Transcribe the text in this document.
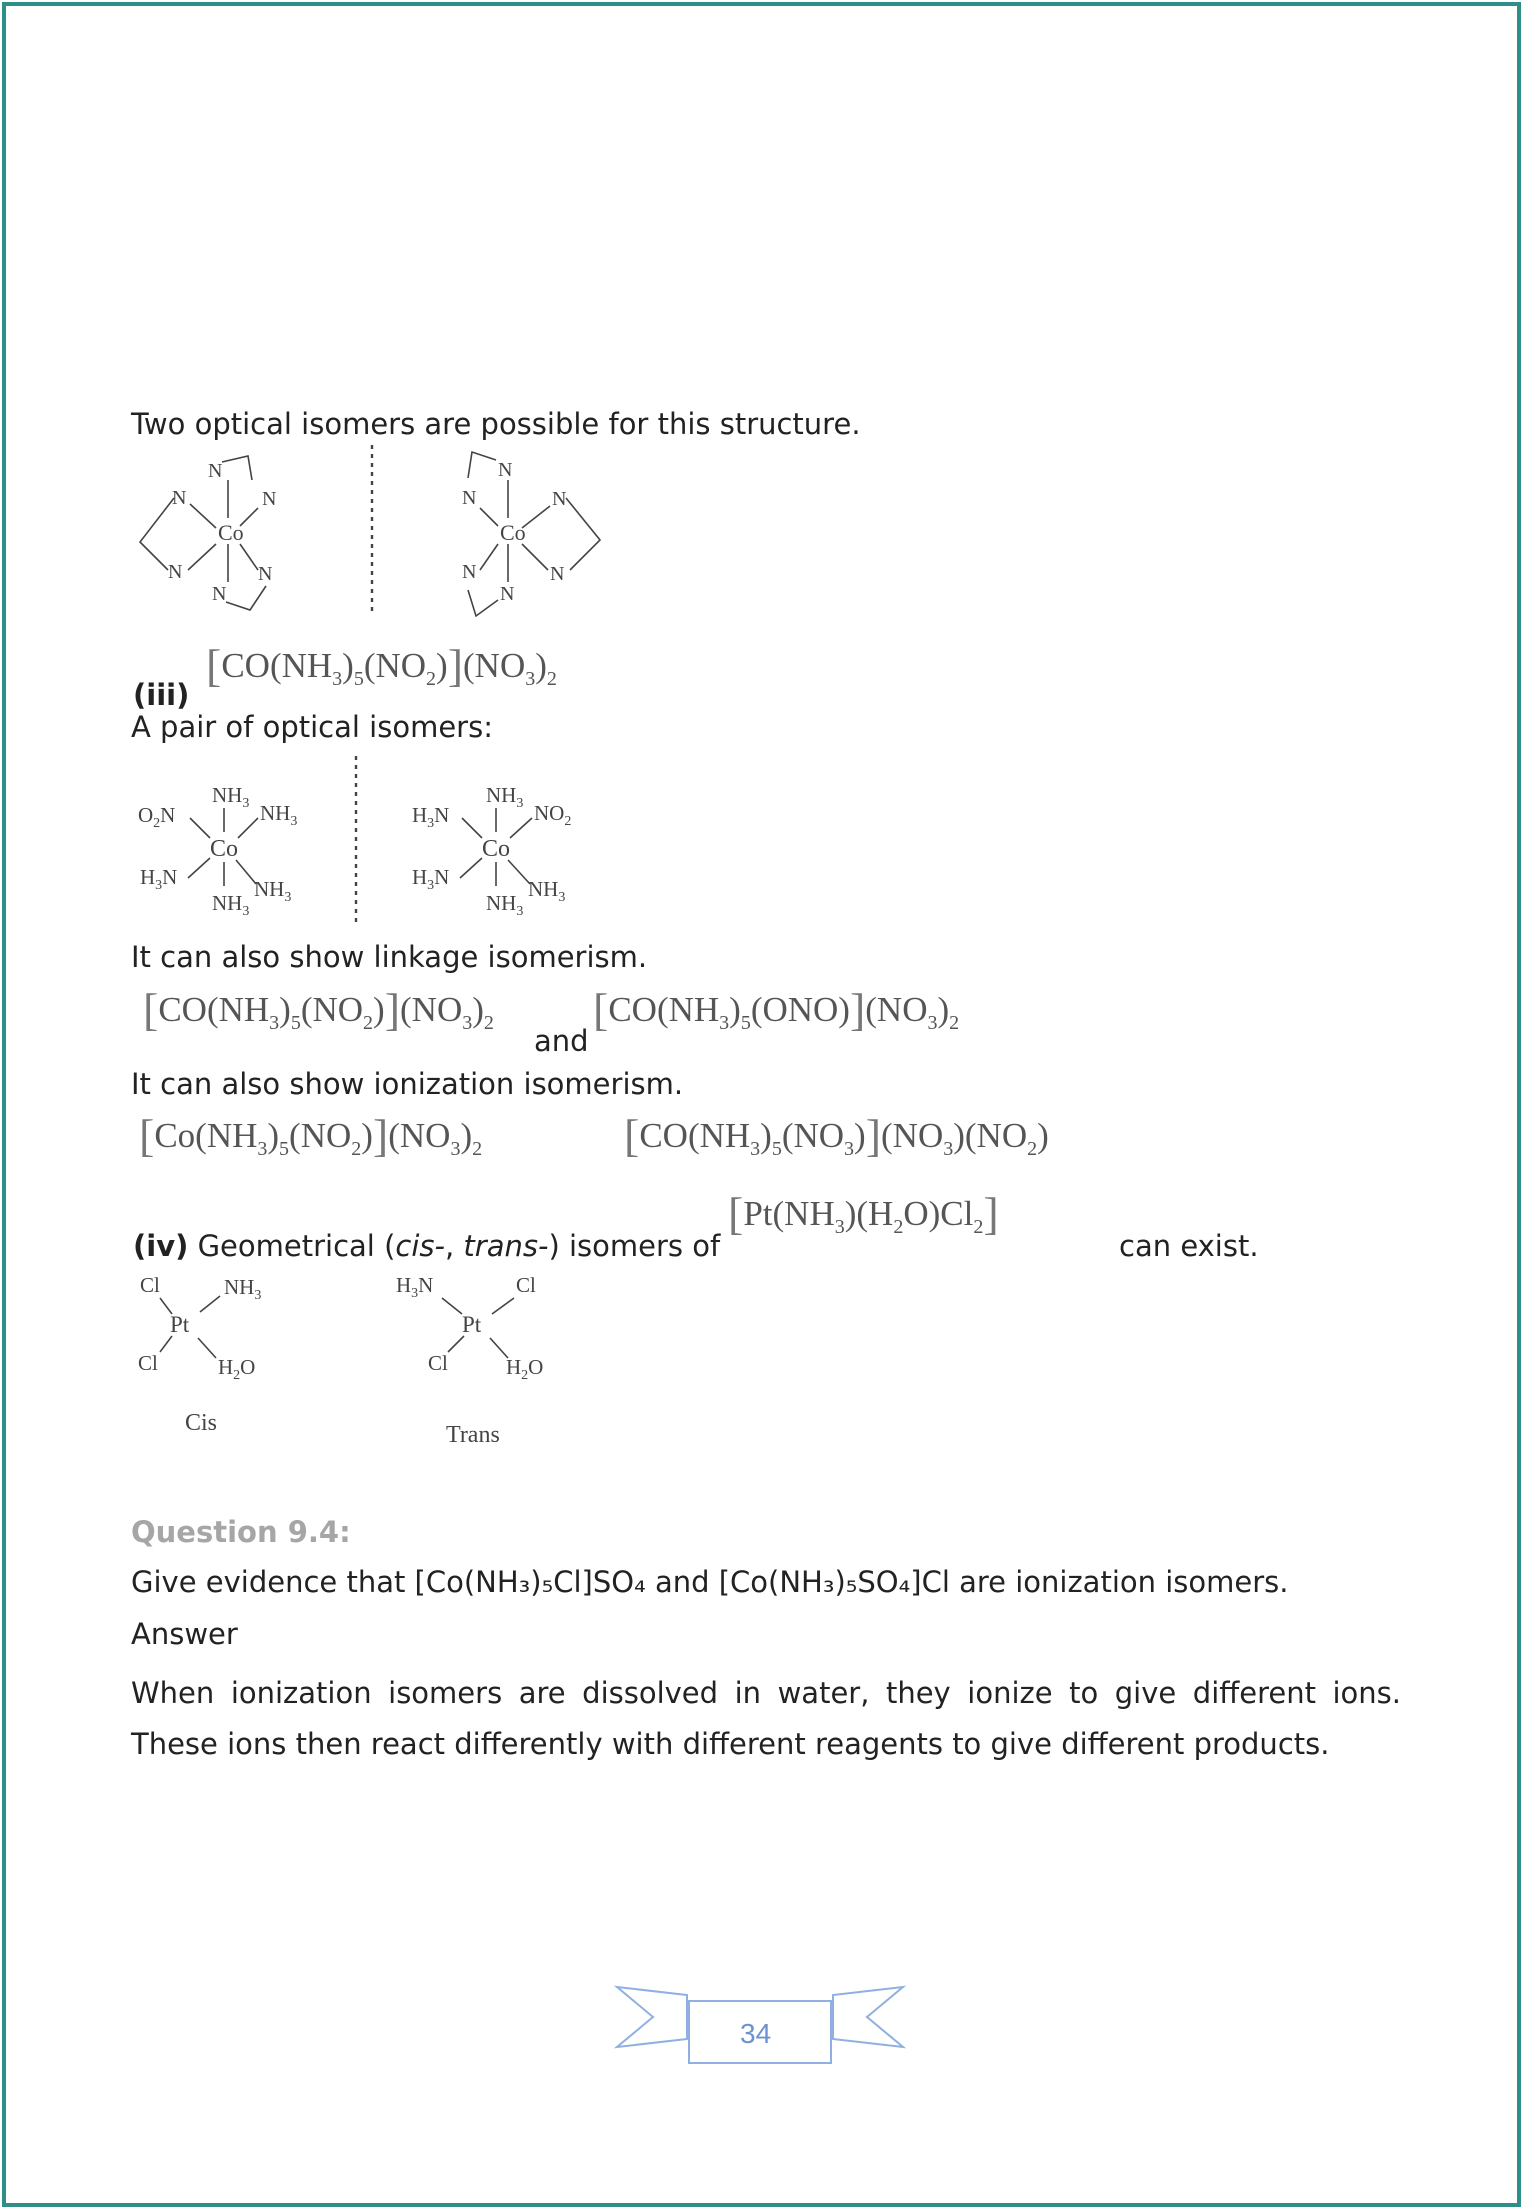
Two optical isomers are possible for this structure.
Co
N
N	N
N	N
N
Co
N
N	N
N	N
N
$[CO(NH_3)_5(NO_2)](NO_3)_2$
(iii)
A pair of optical isomers:
Co
$NH_3$ $NH_3$
$O_2N$
$H_3N$
$NH_3$
$NH_3$
Co
$NH_3$ $NO_2$
$H_3N$
$H_3N$
$NH_3$
$NH_3$
It can also show linkage isomerism.
$[CO(NH_3)_5(NO_2)](NO_3)_2$
and
$[CO(NH_3)_5(ONO)](NO_3)_2$
It can also show ionization isomerism.
$[Co(NH_3)_5(NO_2)](NO_3)_2$	$[CO(NH_3)_5(NO_3)](NO_3)(NO_2)$
$[Pt(NH_3)(H_2O)Cl_2]$
(iv) Geometrical (cis-, trans-) isomers of	can exist.
Cl	$NH_3$
Pt
Cl	$H_2O$
$H_3N$	Cl
Pt
Cl	$H_2O$
Cis	Trans
Question 9.4:
Give evidence that [Co(NH₃)₅Cl]SO₄ and [Co(NH₃)₅SO₄]Cl are ionization isomers.
Answer
When ionization isomers are dissolved in water, they ionize to give different ions. These ions then react differently with different reagents to give different products.
34
